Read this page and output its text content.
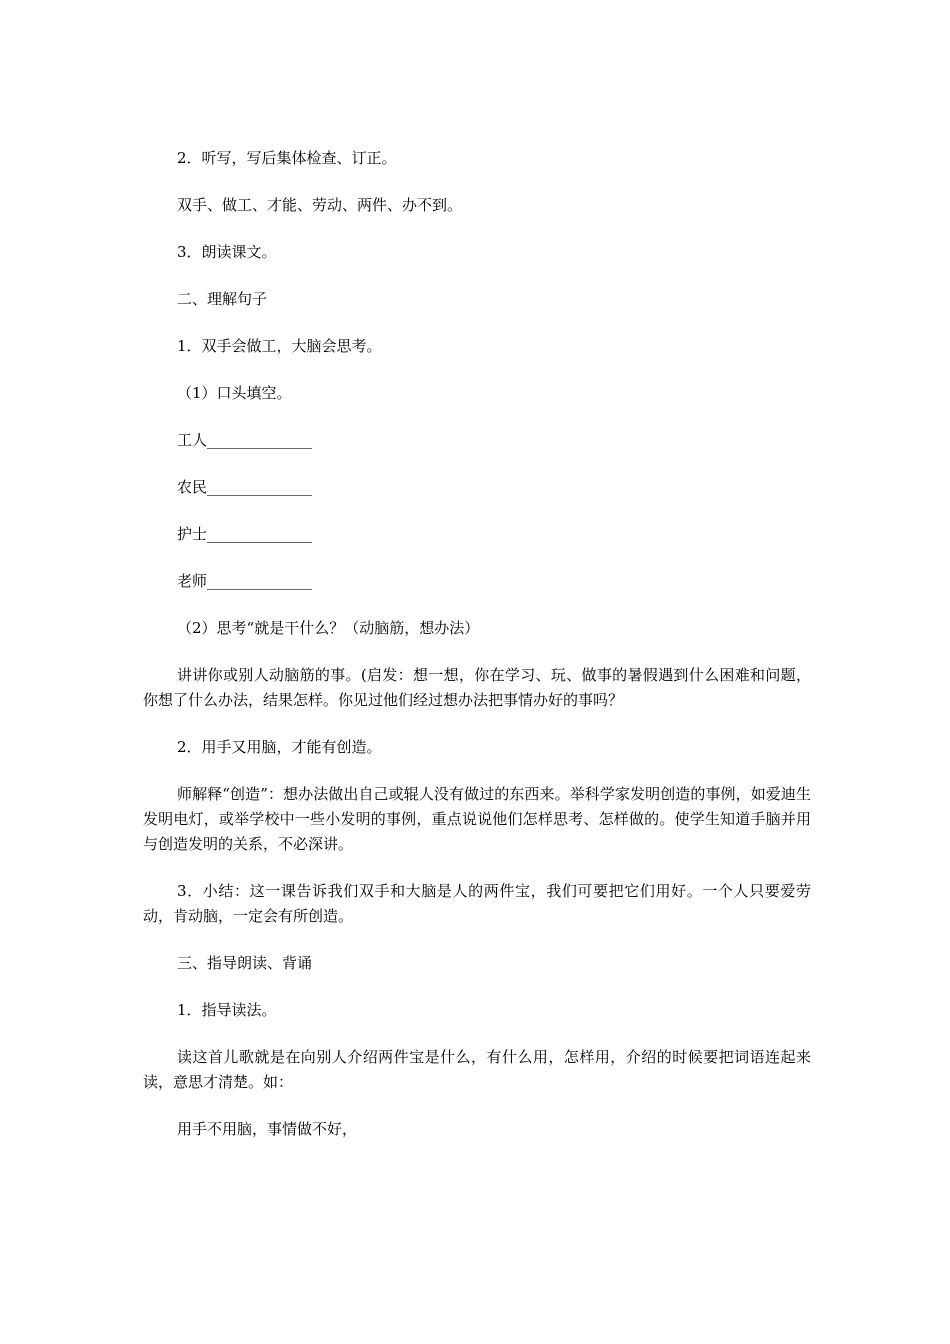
2．听写，写后集体检查、订正。

双手、做工、才能、劳动、两件、办不到。

3．朗读课文。

二、理解句子

1．双手会做工，大脑会思考。

（1）口头填空。

工人______________

农民______________

护士______________

老师______________

（2）思考“就是干什么？（动脑筋，想办法）

讲讲你或别人动脑筋的事。(启发：想一想，你在学习、玩、做事的暑假遇到什么困难和问题，你想了什么办法，结果怎样。你见过他们经过想办法把事情办好的事吗？

2．用手又用脑，才能有创造。

师解释“创造”：想办法做出自己或辊人没有做过的东西来。举科学家发明创造的事例，如爱迪生发明电灯，或举学校中一些小发明的事例，重点说说他们怎样思考、怎样做的。使学生知道手脑并用与创造发明的关系，不必深讲。

3．小结：这一课告诉我们双手和大脑是人的两件宝，我们可要把它们用好。一个人只要爱劳动，肯动脑，一定会有所创造。

三、指导朗读、背诵

1．指导读法。

读这首儿歌就是在向别人介绍两件宝是什么，有什么用，怎样用，介绍的时候要把词语连起来读，意思才清楚。如：

用手不用脑，事情做不好，
